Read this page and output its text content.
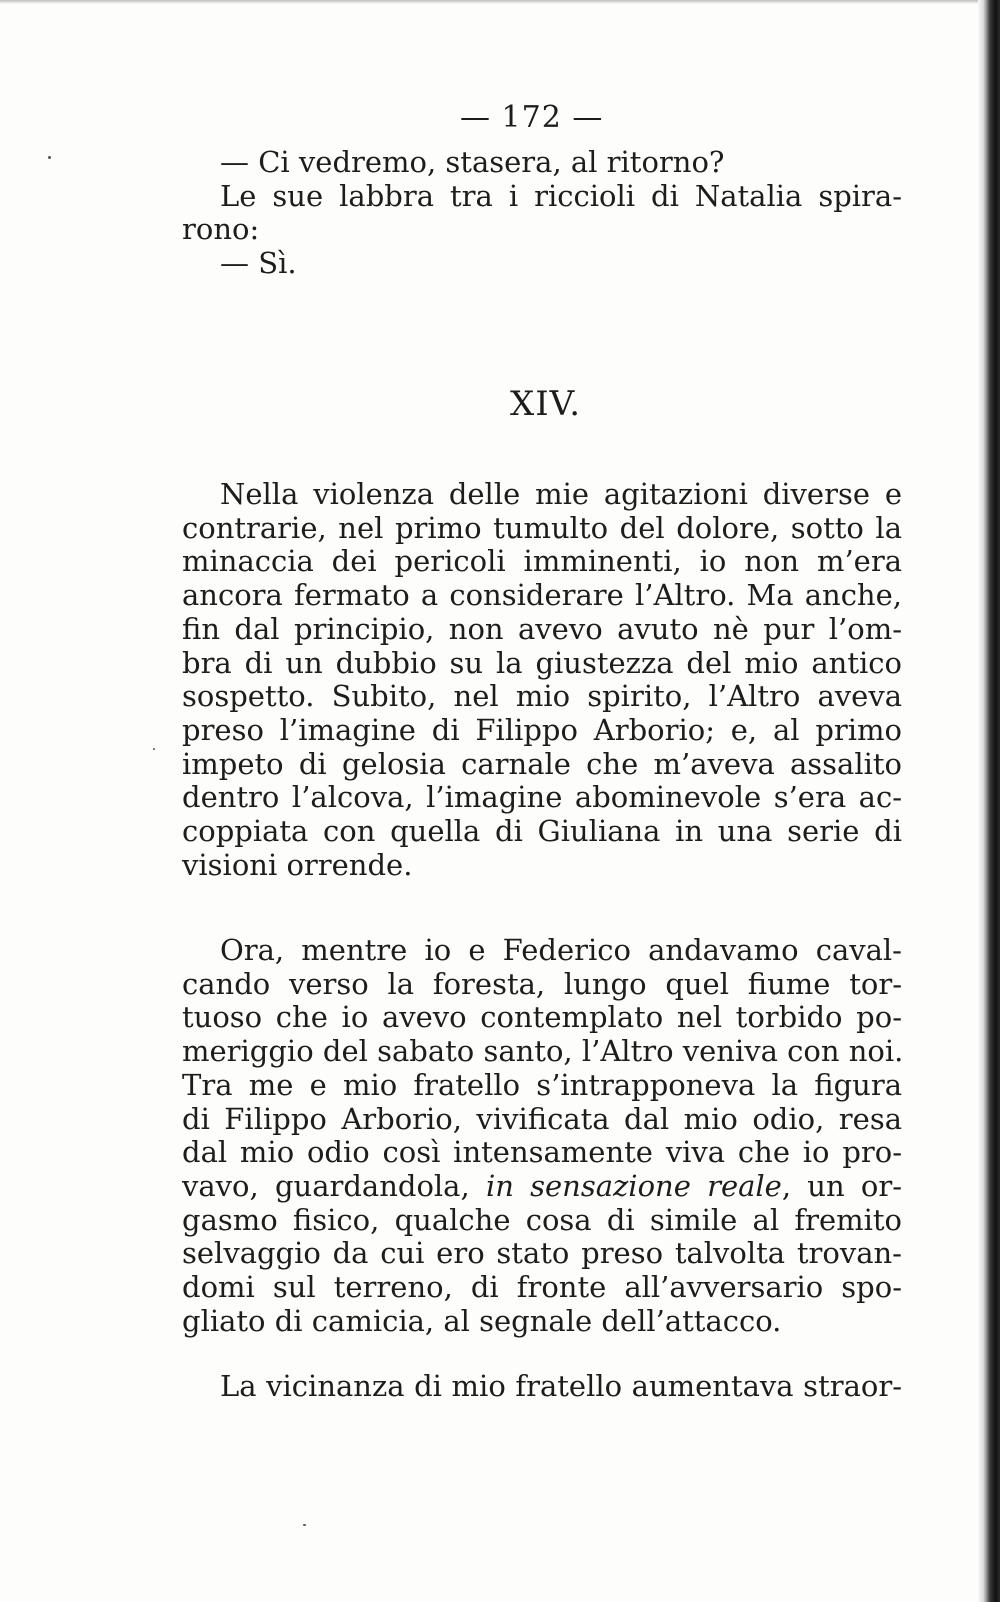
— 172 —
— Ci vedremo, stasera, al ritorno?
Le sue labbra tra i riccioli di Natalia spira-
rono:
— Sì.
XIV.
Nella violenza delle mie agitazioni diverse e
contrarie, nel primo tumulto del dolore, sotto la
minaccia dei pericoli imminenti, io non m’era
ancora fermato a considerare l’Altro. Ma anche,
fin dal principio, non avevo avuto nè pur l’om-
bra di un dubbio su la giustezza del mio antico
sospetto. Subito, nel mio spirito, l’Altro aveva
preso l’imagine di Filippo Arborio; e, al primo
impeto di gelosia carnale che m’aveva assalito
dentro l’alcova, l’imagine abominevole s’era ac-
coppiata con quella di Giuliana in una serie di
visioni orrende.
Ora, mentre io e Federico andavamo caval-
cando verso la foresta, lungo quel fiume tor-
tuoso che io avevo contemplato nel torbido po-
meriggio del sabato santo, l’Altro veniva con noi.
Tra me e mio fratello s’intrapponeva la figura
di Filippo Arborio, vivificata dal mio odio, resa
dal mio odio così intensamente viva che io pro-
vavo, guardandola, in sensazione reale, un or-
gasmo fisico, qualche cosa di simile al fremito
selvaggio da cui ero stato preso talvolta trovan-
domi sul terreno, di fronte all’avversario spo-
gliato di camicia, al segnale dell’attacco.
La vicinanza di mio fratello aumentava straor-
